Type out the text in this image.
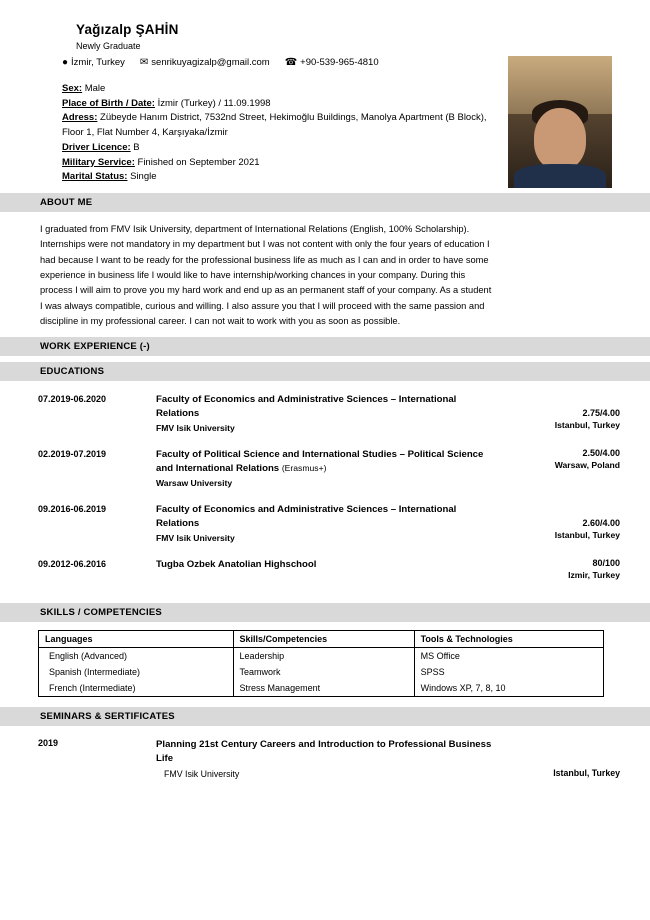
Yağızalp ŞAHİN
Newly Graduate
●​ İzmir, Turkey ✉ senrikuyagizalp@gmail.com ☎ +90-539-965-4810
Sex: Male
Place of Birth / Date: İzmir (Turkey) / 11.09.1998
Adress: Zübeyde Hanım District, 7532nd Street, Hekimoğlu Buildings, Manolya Apartment (B Block), Floor 1, Flat Number 4, Karşıyaka/İzmir
Driver Licence: B
Military Service: Finished on September 2021
Marital Status: Single
ABOUT ME
I graduated from FMV Isik University, department of International Relations (English, 100% Scholarship). Internships were not mandatory in my department but I was not content with only the four years of education I had because I want to be ready for the professional business life as much as I can and in order to have some experience in business life I would like to have internship/working chances in your company. During this process I will aim to prove you my hard work and end up as an permanent staff of your company. As a student I was always compatible, curious and willing. I also assure you that I will proceed with the same passion and discipline in my professional career. I can not wait to work with you as soon as possible.
WORK EXPERIENCE (-)
EDUCATIONS
07.2019-06.2020	Faculty of Economics and Administrative Sciences – International Relations
FMV Isik University
2.75/4.00
Istanbul, Turkey
02.2019-07.2019	Faculty of Political Science and International Studies – Political Science and International Relations (Erasmus+)
Warsaw University
2.50/4.00
Warsaw, Poland
09.2016-06.2019	Faculty of Economics and Administrative Sciences – International Relations
FMV Isik University
2.60/4.00
Istanbul, Turkey
09.2012-06.2016	Tugba Ozbek Anatolian Highschool	80/100
Izmir, Turkey
SKILLS / COMPETENCIES
Languages	Skills/Competencies	Tools & Technologies
English (Advanced)	Leadership	MS Office
Spanish (Intermediate)	Teamwork	SPSS
French (Intermediate)	Stress Management	Windows XP, 7, 8, 10
SEMINARS & SERTIFICATES
2019	Planning 21st Century Careers and Introduction to Professional Business Life
FMV Isik University	Istanbul, Turkey
